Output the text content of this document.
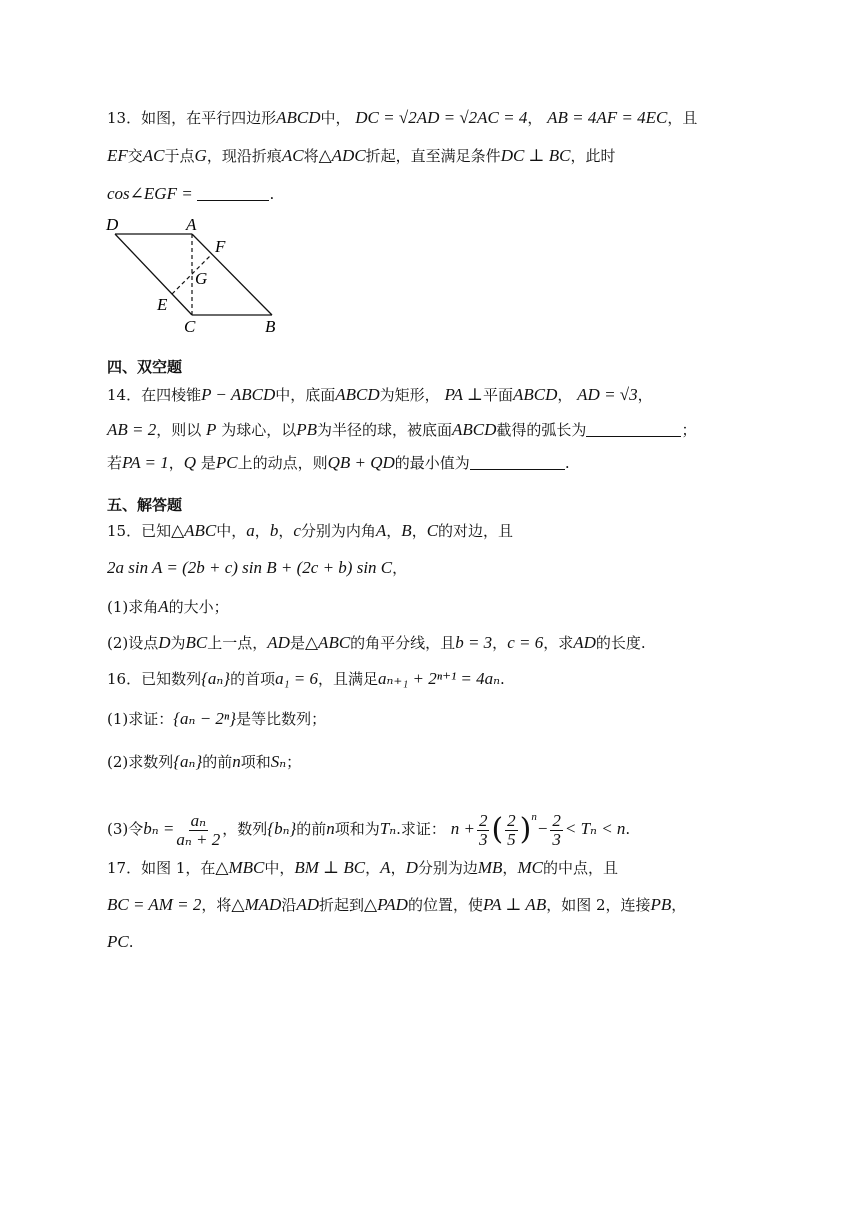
13．如图，在平行四边形ABCD中， DC = √2AD = √2AC = 4， AB = 4AF = 4EC，且
EF交AC于点G，现沿折痕AC将△ADC折起，直至满足条件DC ⊥ BC，此时
cos∠EGF =	.
D	A
F
G
E
C	B
四、双空题
14．在四棱锥P − ABCD中，底面ABCD为矩形， PA ⊥平面ABCD， AD = √3，
AB = 2，则以 P 为球心，以PB为半径的球，被底面ABCD截得的弧长为	；
若PA = 1，Q 是PC上的动点，则QB + QD的最小值为	.
五、解答题
15．已知△ABC中，a，b，c分别为内角A，B，C的对边，且
2a sin A = (2b + c) sin B + (2c + b) sin C，
(1)求角A的大小；
(2)设点D为BC上一点，AD是△ABC的角平分线，且b = 3，c = 6，求AD的长度.
16．已知数列{aₙ}的首项a₁ = 6，且满足aₙ₊₁ + 2ⁿ⁺¹ = 4aₙ.
(1)求证：{aₙ − 2ⁿ}是等比数列；
(2)求数列{aₙ}的前n项和Sₙ；
(3)令$b_n = \frac{\text{aₙ}}{\text{aₙ + 2}}$ ，数列{bₙ}的前n项和为Tₙ.求证： $n + \frac{2}{3}$ ( $\frac{2}{5} )^n- \frac{2}{3} < T_n < n$.
17．如图 1，在△MBC中，BM ⊥ BC，A，D分别为边MB，MC的中点，且
BC = AM = 2，将△MAD沿AD折起到△PAD的位置，使PA ⊥ AB，如图 2，连接PB，
PC.
